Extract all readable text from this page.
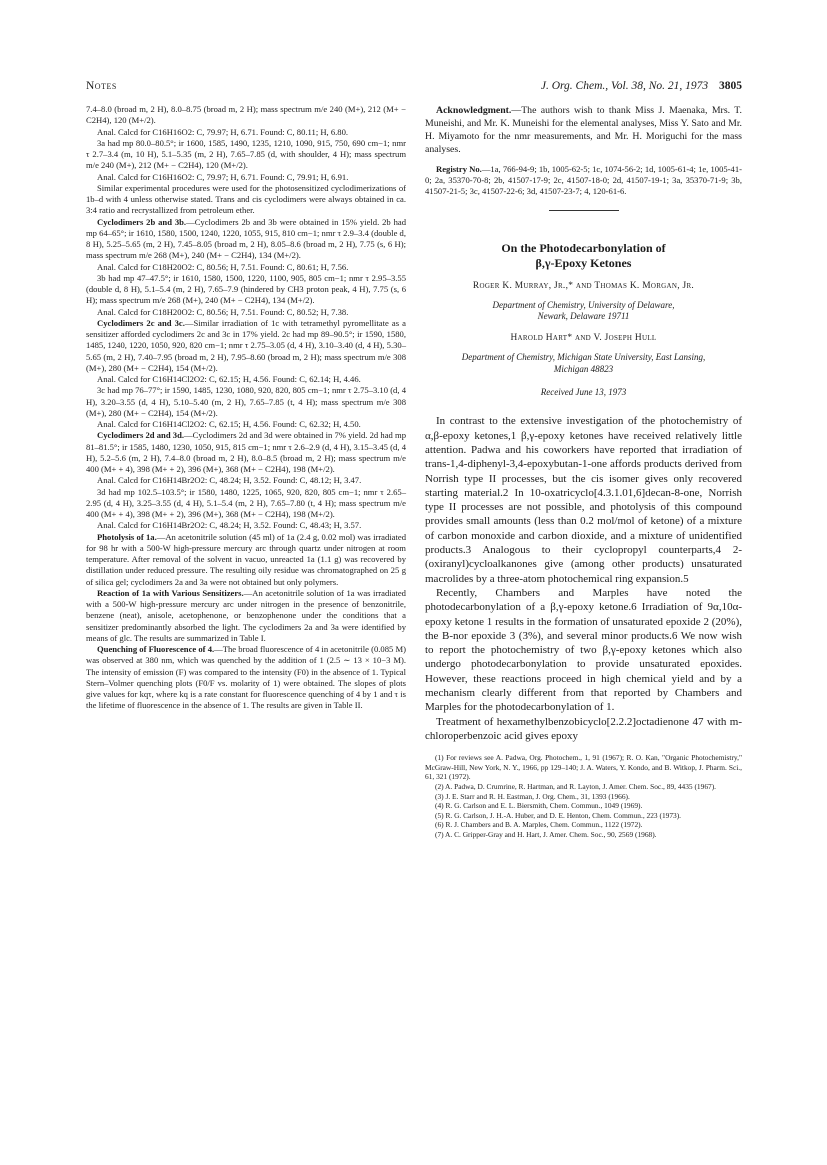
Notes	J. Org. Chem., Vol. 38, No. 21, 1973 3805

7.4–8.0 (broad m, 2 H), 8.0–8.75 (broad m, 2 H); mass spectrum m/e 240 (M+), 212 (M+ − C2H4), 120 (M+/2).

Anal. Calcd for C16H16O2: C, 79.97; H, 6.71. Found: C, 80.11; H, 6.80.

3a had mp 80.0–80.5°; ir 1600, 1585, 1490, 1235, 1210, 1090, 915, 750, 690 cm−1; nmr τ 2.7–3.4 (m, 10 H), 5.1–5.35 (m, 2 H), 7.65–7.85 (d, with shoulder, 4 H); mass spectrum m/e 240 (M+), 212 (M+ − C2H4), 120 (M+/2).

Anal. Calcd for C16H16O2: C, 79.97; H, 6.71. Found: C, 79.91; H, 6.91.

Similar experimental procedures were used for the photosensitized cyclodimerizations of 1b–d with 4 unless otherwise stated. Trans and cis cyclodimers were always obtained in ca. 3:4 ratio and recrystallized from petroleum ether.

Cyclodimers 2b and 3b.—Cyclodimers 2b and 3b were obtained in 15% yield. 2b had mp 64–65°; ir 1610, 1580, 1500, 1240, 1220, 1055, 915, 810 cm−1; nmr τ 2.9–3.4 (double d, 8 H), 5.25–5.65 (m, 2 H), 7.45–8.05 (broad m, 2 H), 8.05–8.6 (broad m, 2 H), 7.75 (s, 6 H); mass spectrum m/e 268 (M+), 240 (M+ − C2H4), 134 (M+/2).

Anal. Calcd for C18H20O2: C, 80.56; H, 7.51. Found: C, 80.61; H, 7.56.

3b had mp 47–47.5°; ir 1610, 1580, 1500, 1220, 1100, 905, 805 cm−1; nmr τ 2.95–3.55 (double d, 8 H), 5.1–5.4 (m, 2 H), 7.65–7.9 (hindered by CH3 proton peak, 4 H), 7.75 (s, 6 H); mass spectrum m/e 268 (M+), 240 (M+ − C2H4), 134 (M+/2).

Anal. Calcd for C18H20O2: C, 80.56; H, 7.51. Found: C, 80.52; H, 7.38.

Cyclodimers 2c and 3c.—Similar irradiation of 1c with tetramethyl pyromellitate as a sensitizer afforded cyclodimers 2c and 3c in 17% yield. 2c had mp 89–90.5°; ir 1590, 1580, 1485, 1240, 1220, 1050, 920, 820 cm−1; nmr τ 2.75–3.05 (d, 4 H), 3.10–3.40 (d, 4 H), 5.30–5.65 (m, 2 H), 7.40–7.95 (broad m, 2 H), 7.95–8.60 (broad m, 2 H); mass spectrum m/e 308 (M+), 280 (M+ − C2H4), 154 (M+/2).

Anal. Calcd for C16H14Cl2O2: C, 62.15; H, 4.56. Found: C, 62.14; H, 4.46.

3c had mp 76–77°; ir 1590, 1485, 1230, 1080, 920, 820, 805 cm−1; nmr τ 2.75–3.10 (d, 4 H), 3.20–3.55 (d, 4 H), 5.10–5.40 (m, 2 H), 7.65–7.85 (t, 4 H); mass spectrum m/e 308 (M+), 280 (M+ − C2H4), 154 (M+/2).

Anal. Calcd for C16H14Cl2O2: C, 62.15; H, 4.56. Found: C, 62.32; H, 4.50.

Cyclodimers 2d and 3d.—Cyclodimers 2d and 3d were obtained in 7% yield. 2d had mp 81–81.5°; ir 1585, 1480, 1230, 1050, 915, 815 cm−1; nmr τ 2.6–2.9 (d, 4 H), 3.15–3.45 (d, 4 H), 5.2–5.6 (m, 2 H), 7.4–8.0 (broad m, 2 H), 8.0–8.5 (broad m, 2 H); mass spectrum m/e 400 (M+ + 4), 398 (M+ + 2), 396 (M+), 368 (M+ − C2H4), 198 (M+/2).

Anal. Calcd for C16H14Br2O2: C, 48.24; H, 3.52. Found: C, 48.12; H, 3.47.

3d had mp 102.5–103.5°; ir 1580, 1480, 1225, 1065, 920, 820, 805 cm−1; nmr τ 2.65–2.95 (d, 4 H), 3.25–3.55 (d, 4 H), 5.1–5.4 (m, 2 H), 7.65–7.80 (t, 4 H); mass spectrum m/e 400 (M+ + 4), 398 (M+ + 2), 396 (M+), 368 (M+ − C2H4), 198 (M+/2).

Anal. Calcd for C16H14Br2O2: C, 48.24; H, 3.52. Found: C, 48.43; H, 3.57.

Photolysis of 1a.—An acetonitrile solution (45 ml) of 1a (2.4 g, 0.02 mol) was irradiated for 98 hr with a 500-W high-pressure mercury arc through quartz under nitrogen at room temperature. After removal of the solvent in vacuo, unreacted 1a (1.1 g) was recovered by distillation under reduced pressure. The resulting oily residue was chromatographed on 25 g of silica gel; cyclodimers 2a and 3a were not obtained but only polymers.

Reaction of 1a with Various Sensitizers.—An acetonitrile solution of 1a was irradiated with a 500-W high-pressure mercury arc under nitrogen in the presence of benzonitrile, benzene (neat), anisole, acetophenone, or benzophenone under the conditions that a sensitizer predominantly absorbed the light. The cyclodimers 2a and 3a were identified by means of glc. The results are summarized in Table I.

Quenching of Fluorescence of 4.—The broad fluorescence of 4 in acetonitrile (0.085 M) was observed at 380 nm, which was quenched by the addition of 1 (2.5 ∼ 13 × 10−3 M). The intensity of emission (F) was compared to the intensity (F0) in the absence of 1. Typical Stern–Volmer quenching plots (F0/F vs. molarity of 1) were obtained. The slopes of plots give values for kqτ, where kq is a rate constant for fluorescence quenching of 4 by 1 and τ is the lifetime of fluorescence in the absence of 1. The results are given in Table II.

Acknowledgment.—The authors wish to thank Miss J. Maenaka, Mrs. T. Muneishi, and Mr. K. Muneishi for the elemental analyses, Miss Y. Sato and Mr. H. Miyamoto for the nmr measurements, and Mr. H. Moriguchi for the mass analyses.

Registry No.—1a, 766-94-9; 1b, 1005-62-5; 1c, 1074-56-2; 1d, 1005-61-4; 1e, 1005-41-0; 2a, 35370-70-8; 2b, 41507-17-9; 2c, 41507-18-0; 2d, 41507-19-1; 3a, 35370-71-9; 3b, 41507-21-5; 3c, 41507-22-6; 3d, 41507-23-7; 4, 120-61-6.

On the Photodecarbonylation of
β,γ-Epoxy Ketones

Roger K. Murray, Jr.,* and Thomas K. Morgan, Jr.

Department of Chemistry, University of Delaware,
Newark, Delaware 19711

Harold Hart* and V. Joseph Hull

Department of Chemistry, Michigan State University, East Lansing,
Michigan 48823

Received June 13, 1973

In contrast to the extensive investigation of the photochemistry of α,β-epoxy ketones,1 β,γ-epoxy ketones have received relatively little attention. Padwa and his coworkers have reported that irradiation of trans-1,4-diphenyl-3,4-epoxybutan-1-one affords products derived from Norrish type II processes, but the cis isomer gives only recovered starting material.2 In 10-oxatricyclo[4.3.1.01,6]decan-8-one, Norrish type II processes are not possible, and photolysis of this compound provides small amounts (less than 0.2 mol/mol of ketone) of a mixture of carbon monoxide and carbon dioxide, and a mixture of unidentified products.3 Analogous to their cyclopropyl counterparts,4 2-(oxiranyl)cycloalkanones give (among other products) unsaturated macrolides by a three-atom photochemical ring expansion.5

Recently, Chambers and Marples have noted the photodecarbonylation of a β,γ-epoxy ketone.6 Irradiation of 9α,10α-epoxy ketone 1 results in the formation of unsaturated epoxide 2 (20%), the B-nor epoxide 3 (3%), and several minor products.6 We now wish to report the photochemistry of two β,γ-epoxy ketones which also undergo photodecarbonylation to provide unsaturated epoxides. However, these reactions proceed in high chemical yield and by a mechanism clearly different from that reported by Chambers and Marples for the photodecarbonylation of 1.

Treatment of hexamethylbenzobicyclo[2.2.2]octadienone 47 with m-chloroperbenzoic acid gives epoxy

(1) For reviews see A. Padwa, Org. Photochem., 1, 91 (1967); R. O. Kan, "Organic Photochemistry," McGraw-Hill, New York, N. Y., 1966, pp 129–140; J. A. Waters, Y. Kondo, and B. Witkop, J. Pharm. Sci., 61, 321 (1972).

(2) A. Padwa, D. Crumrine, R. Hartman, and R. Layton, J. Amer. Chem. Soc., 89, 4435 (1967).

(3) J. E. Starr and R. H. Eastman, J. Org. Chem., 31, 1393 (1966).

(4) R. G. Carlson and E. L. Biersmith, Chem. Commun., 1049 (1969).

(5) R. G. Carlson, J. H.-A. Huber, and D. E. Henton, Chem. Commun., 223 (1973).

(6) R. J. Chambers and B. A. Marples, Chem. Commun., 1122 (1972).

(7) A. C. Gripper-Gray and H. Hart, J. Amer. Chem. Soc., 90, 2569 (1968).
